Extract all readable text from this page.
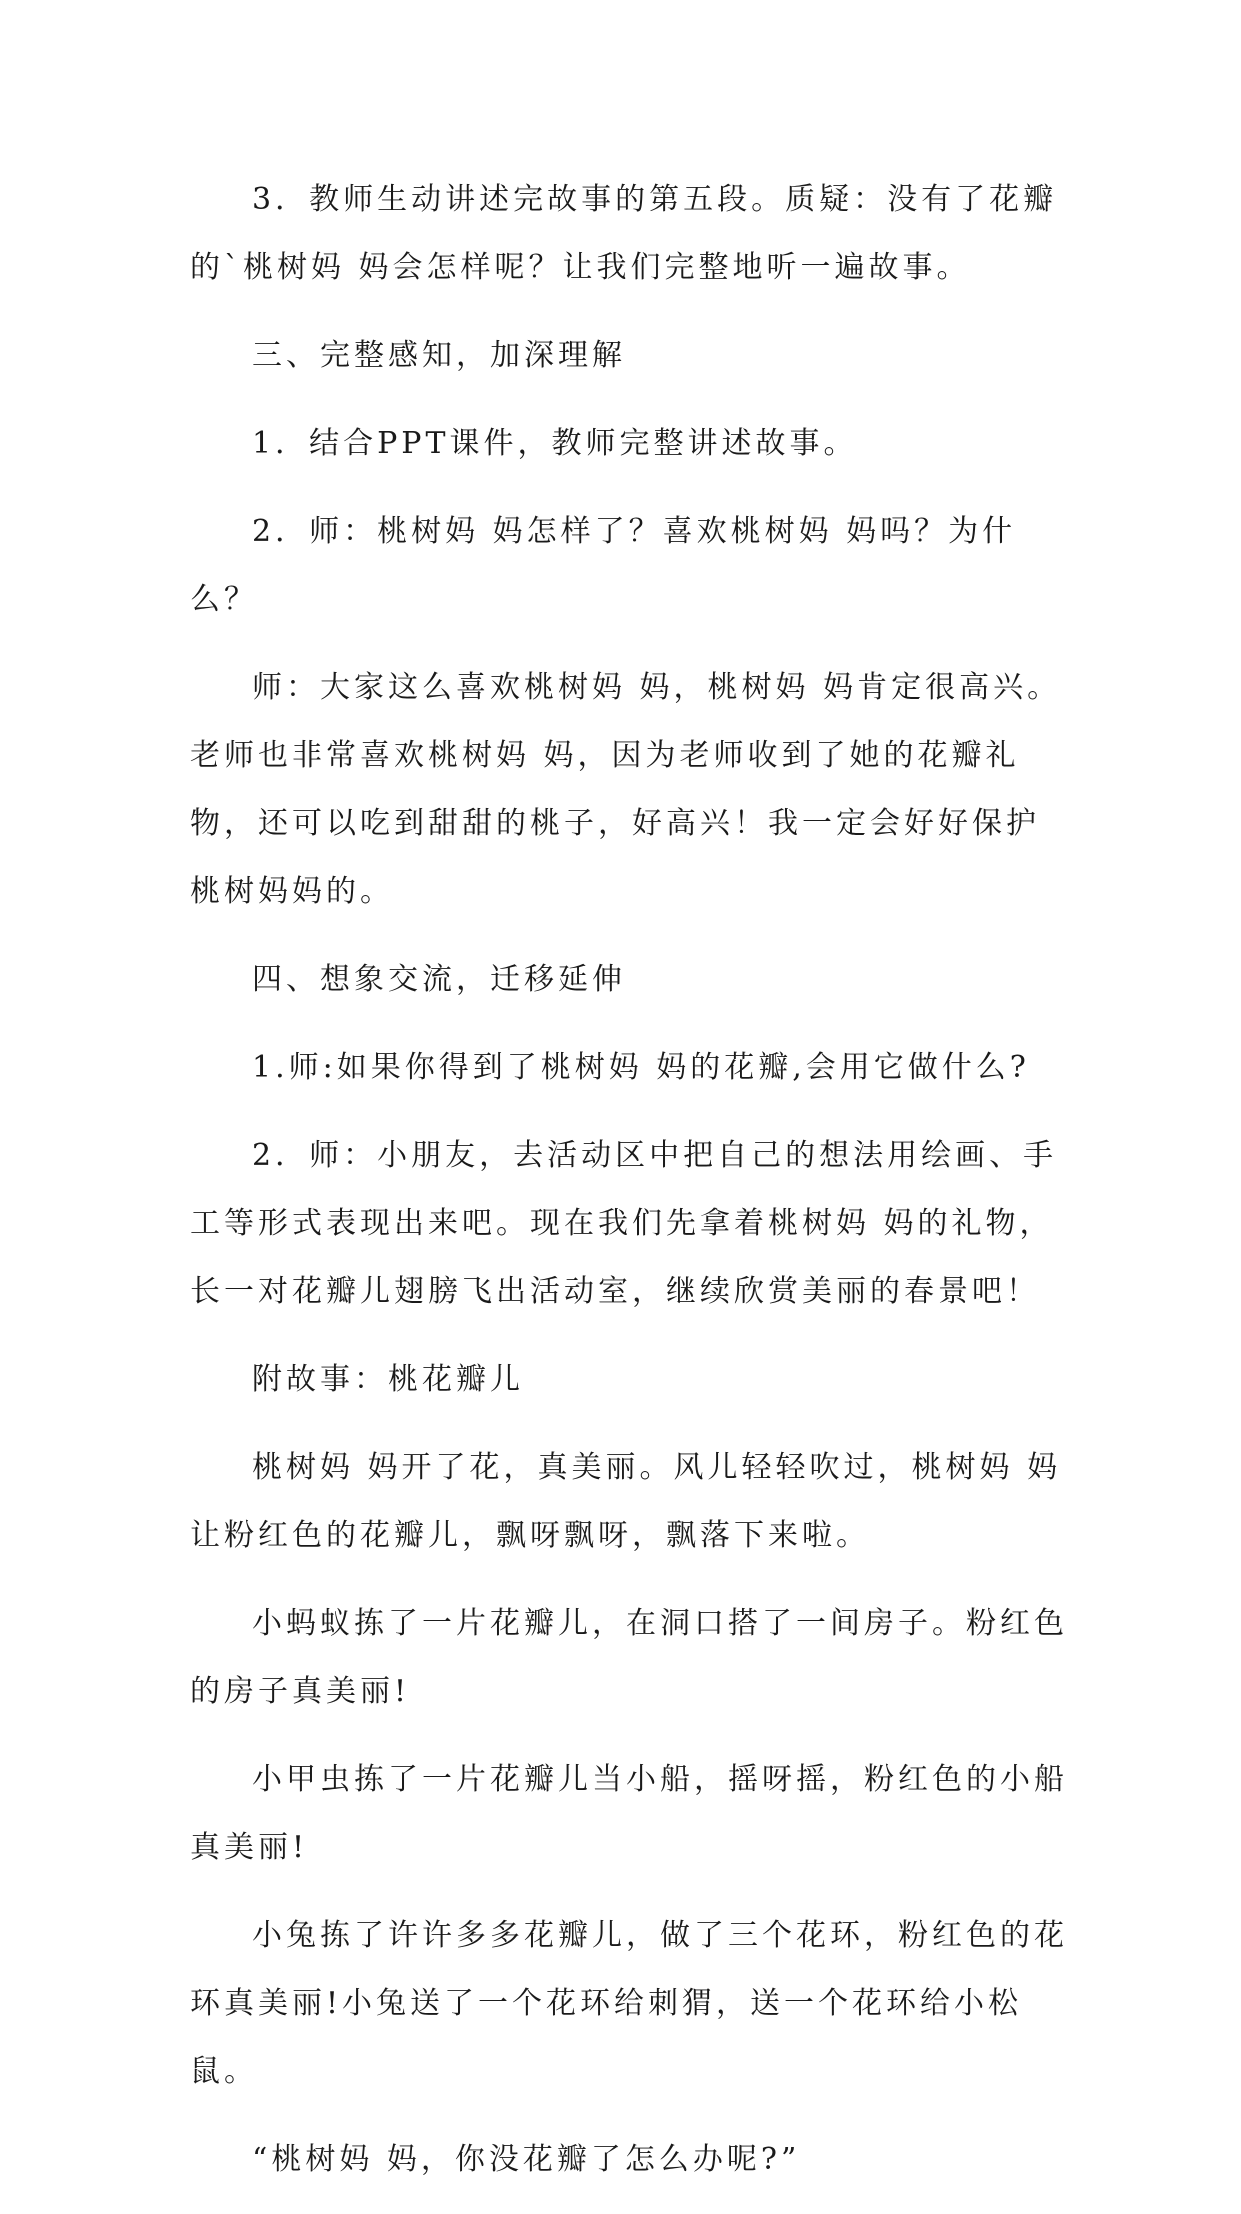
3．教师生动讲述完故事的第五段。质疑：没有了花瓣的`桃树妈 妈会怎样呢？让我们完整地听一遍故事。

三、完整感知，加深理解

1．结合PPT课件，教师完整讲述故事。

2．师：桃树妈 妈怎样了？喜欢桃树妈 妈吗？为什么？

师：大家这么喜欢桃树妈 妈，桃树妈 妈肯定很高兴。老师也非常喜欢桃树妈 妈，因为老师收到了她的花瓣礼物，还可以吃到甜甜的桃子，好高兴！我一定会好好保护桃树妈妈的。

四、想象交流，迁移延伸

1.师:如果你得到了桃树妈 妈的花瓣,会用它做什么?

2．师：小朋友，去活动区中把自己的想法用绘画、手工等形式表现出来吧。现在我们先拿着桃树妈 妈的礼物，长一对花瓣儿翅膀飞出活动室，继续欣赏美丽的春景吧！

附故事：桃花瓣儿

桃树妈 妈开了花，真美丽。风儿轻轻吹过，桃树妈 妈让粉红色的花瓣儿，飘呀飘呀，飘落下来啦。

小蚂蚁拣了一片花瓣儿，在洞口搭了一间房子。粉红色的房子真美丽!

小甲虫拣了一片花瓣儿当小船，摇呀摇，粉红色的小船真美丽!

小兔拣了许许多多花瓣儿，做了三个花环，粉红色的花环真美丽!小兔送了一个花环给刺猬，送一个花环给小松鼠。

“桃树妈 妈，你没花瓣了怎么办呢?”
